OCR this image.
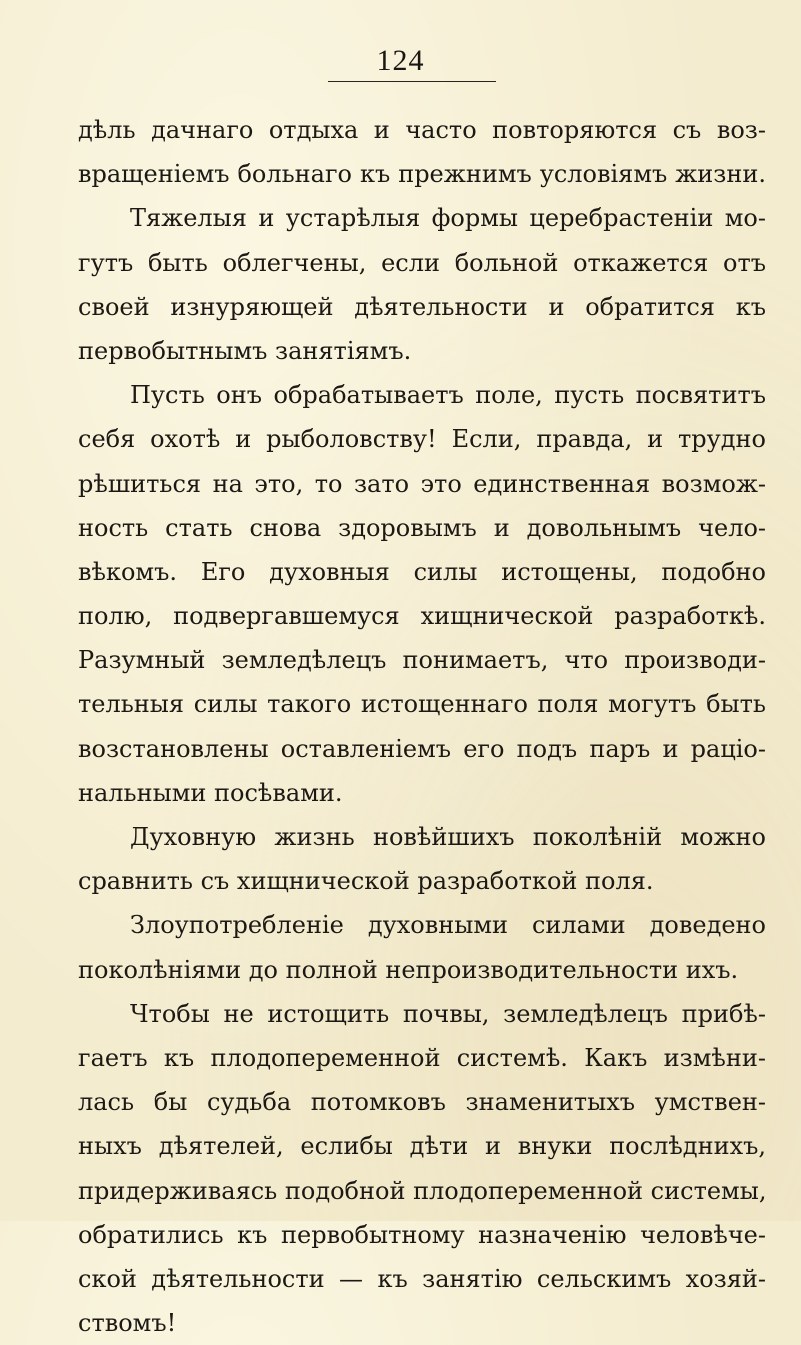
124
дѣль дачнаго отдыха и часто повторяются съ воз-
вращеніемъ больнаго къ прежнимъ условіямъ жизни.
Тяжелыя и устарѣлыя формы церебрастеніи мо-
гутъ быть облегчены, если больной откажется отъ
своей изнуряющей дѣятельности и обратится къ
первобытнымъ занятіямъ.
Пусть онъ обрабатываетъ поле, пусть посвятитъ
себя охотѣ и рыболовству! Если, правда, и трудно
рѣшиться на это, то зато это единственная возмож-
ность стать снова здоровымъ и довольнымъ чело-
вѣкомъ. Его духовныя силы истощены, подобно
полю, подвергавшемуся хищнической разработкѣ.
Разумный земледѣлецъ понимаетъ, что производи-
тельныя силы такого истощеннаго поля могутъ быть
возстановлены оставленіемъ его подъ паръ и раціо-
нальными посѣвами.
Духовную жизнь новѣйшихъ поколѣній можно
сравнить съ хищнической разработкой поля.
Злоупотребленіе духовными силами доведено
поколѣніями до полной непроизводительности ихъ.
Чтобы не истощить почвы, земледѣлецъ прибѣ-
гаетъ къ плодопеременной системѣ. Какъ измѣни-
лась бы судьба потомковъ знаменитыхъ умствен-
ныхъ дѣятелей, еслибы дѣти и внуки послѣднихъ,
придерживаясь подобной плодопеременной системы,
обратились къ первобытному назначенію человѣче-
ской дѣятельности — къ занятію сельскимъ хозяй-
ствомъ!
